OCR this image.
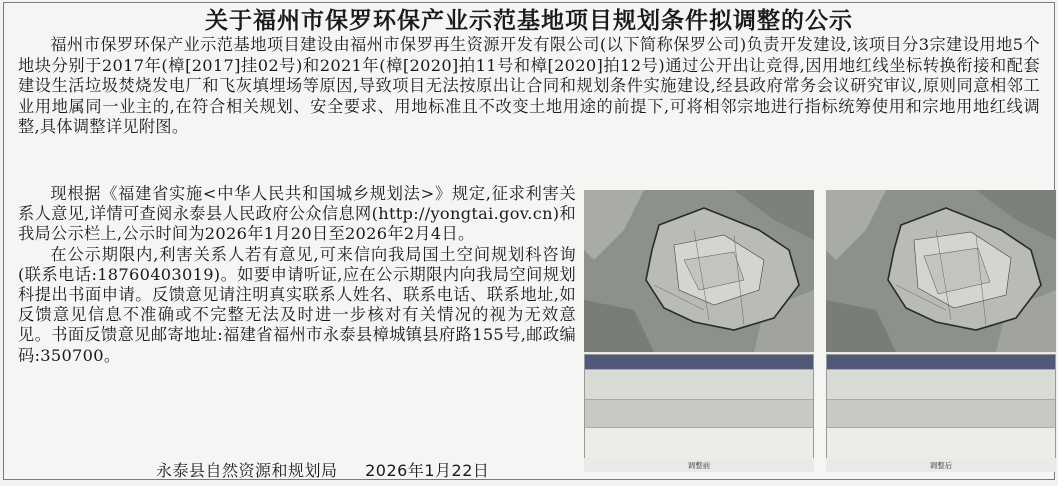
关于福州市保罗环保产业示范基地项目规划条件拟调整的公示

福州市保罗环保产业示范基地项目建设由福州市保罗再生资源开发有限公司(以下简称保罗公司)负责开发建设,该项目分3宗建设用地5个地块分别于2017年(樟[2017]挂02号)和2021年(樟[2020]拍11号和樟[2020]拍12号)通过公开出让竞得,因用地红线坐标转换衔接和配套建设生活垃圾焚烧发电厂和飞灰填埋场等原因,导致项目无法按原出让合同和规划条件实施建设,经县政府常务会议研究审议,原则同意相邻工业用地属同一业主的,在符合相关规划、安全要求、用地标准且不改变土地用途的前提下,可将相邻宗地进行指标统筹使用和宗地用地红线调整,具体调整详见附图。

现根据《福建省实施<中华人民共和国城乡规划法>》规定,征求利害关系人意见,详情可查阅永泰县人民政府公众信息网(http://yongtai.gov.cn)和我局公示栏上,公示时间为2026年1月20日至2026年2月4日。

在公示期限内,利害关系人若有意见,可来信向我局国土空间规划科咨询(联系电话:18760403019)。如要申请听证,应在公示期限内向我局空间规划科提出书面申请。反馈意见请注明真实联系人姓名、联系电话、联系地址,如反馈意见信息不准确或不完整无法及时进一步核对有关情况的视为无效意见。书面反馈意见邮寄地址:福建省福州市永泰县樟城镇县府路155号,邮政编码:350700。

永泰县自然资源和规划局 2026年1月22日	调整前	调整后
